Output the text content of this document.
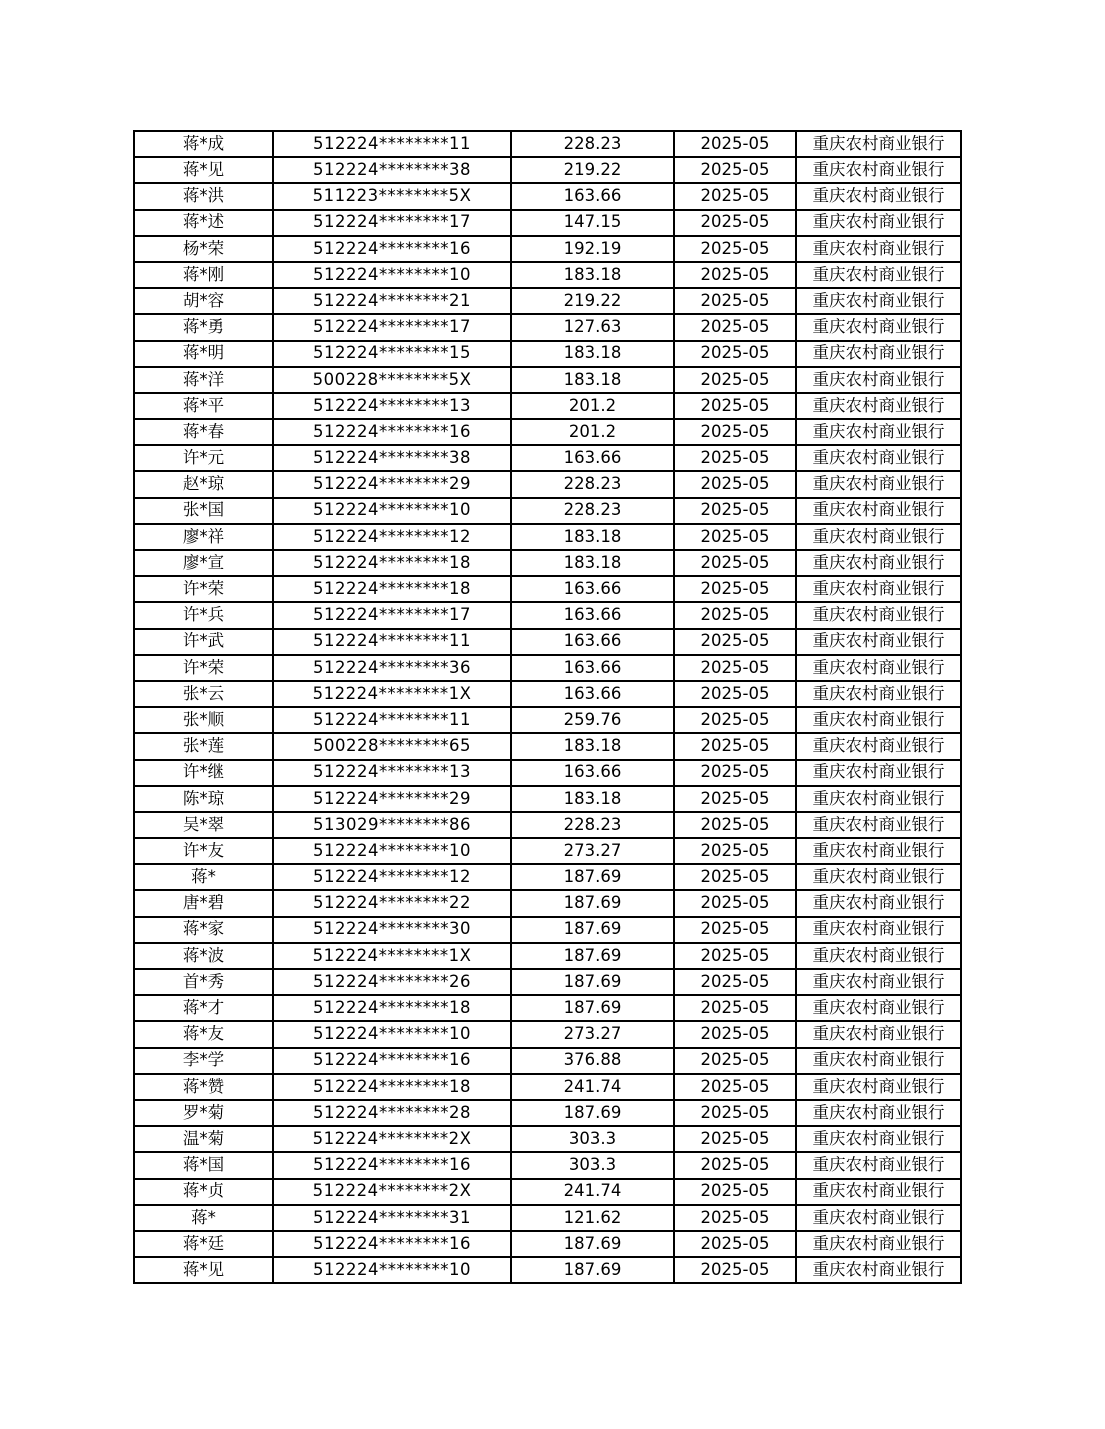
蒋*成	512224********11	228.23	2025-05	重庆农村商业银行
蒋*见	512224********38	219.22	2025-05	重庆农村商业银行
蒋*洪	511223********5X	163.66	2025-05	重庆农村商业银行
蒋*述	512224********17	147.15	2025-05	重庆农村商业银行
杨*荣	512224********16	192.19	2025-05	重庆农村商业银行
蒋*刚	512224********10	183.18	2025-05	重庆农村商业银行
胡*容	512224********21	219.22	2025-05	重庆农村商业银行
蒋*勇	512224********17	127.63	2025-05	重庆农村商业银行
蒋*明	512224********15	183.18	2025-05	重庆农村商业银行
蒋*洋	500228********5X	183.18	2025-05	重庆农村商业银行
蒋*平	512224********13	201.2	2025-05	重庆农村商业银行
蒋*春	512224********16	201.2	2025-05	重庆农村商业银行
许*元	512224********38	163.66	2025-05	重庆农村商业银行
赵*琼	512224********29	228.23	2025-05	重庆农村商业银行
张*国	512224********10	228.23	2025-05	重庆农村商业银行
廖*祥	512224********12	183.18	2025-05	重庆农村商业银行
廖*宣	512224********18	183.18	2025-05	重庆农村商业银行
许*荣	512224********18	163.66	2025-05	重庆农村商业银行
许*兵	512224********17	163.66	2025-05	重庆农村商业银行
许*武	512224********11	163.66	2025-05	重庆农村商业银行
许*荣	512224********36	163.66	2025-05	重庆农村商业银行
张*云	512224********1X	163.66	2025-05	重庆农村商业银行
张*顺	512224********11	259.76	2025-05	重庆农村商业银行
张*莲	500228********65	183.18	2025-05	重庆农村商业银行
许*继	512224********13	163.66	2025-05	重庆农村商业银行
陈*琼	512224********29	183.18	2025-05	重庆农村商业银行
吴*翠	513029********86	228.23	2025-05	重庆农村商业银行
许*友	512224********10	273.27	2025-05	重庆农村商业银行
蒋*	512224********12	187.69	2025-05	重庆农村商业银行
唐*碧	512224********22	187.69	2025-05	重庆农村商业银行
蒋*家	512224********30	187.69	2025-05	重庆农村商业银行
蒋*波	512224********1X	187.69	2025-05	重庆农村商业银行
首*秀	512224********26	187.69	2025-05	重庆农村商业银行
蒋*才	512224********18	187.69	2025-05	重庆农村商业银行
蒋*友	512224********10	273.27	2025-05	重庆农村商业银行
李*学	512224********16	376.88	2025-05	重庆农村商业银行
蒋*赞	512224********18	241.74	2025-05	重庆农村商业银行
罗*菊	512224********28	187.69	2025-05	重庆农村商业银行
温*菊	512224********2X	303.3	2025-05	重庆农村商业银行
蒋*国	512224********16	303.3	2025-05	重庆农村商业银行
蒋*贞	512224********2X	241.74	2025-05	重庆农村商业银行
蒋*	512224********31	121.62	2025-05	重庆农村商业银行
蒋*廷	512224********16	187.69	2025-05	重庆农村商业银行
蒋*见	512224********10	187.69	2025-05	重庆农村商业银行
